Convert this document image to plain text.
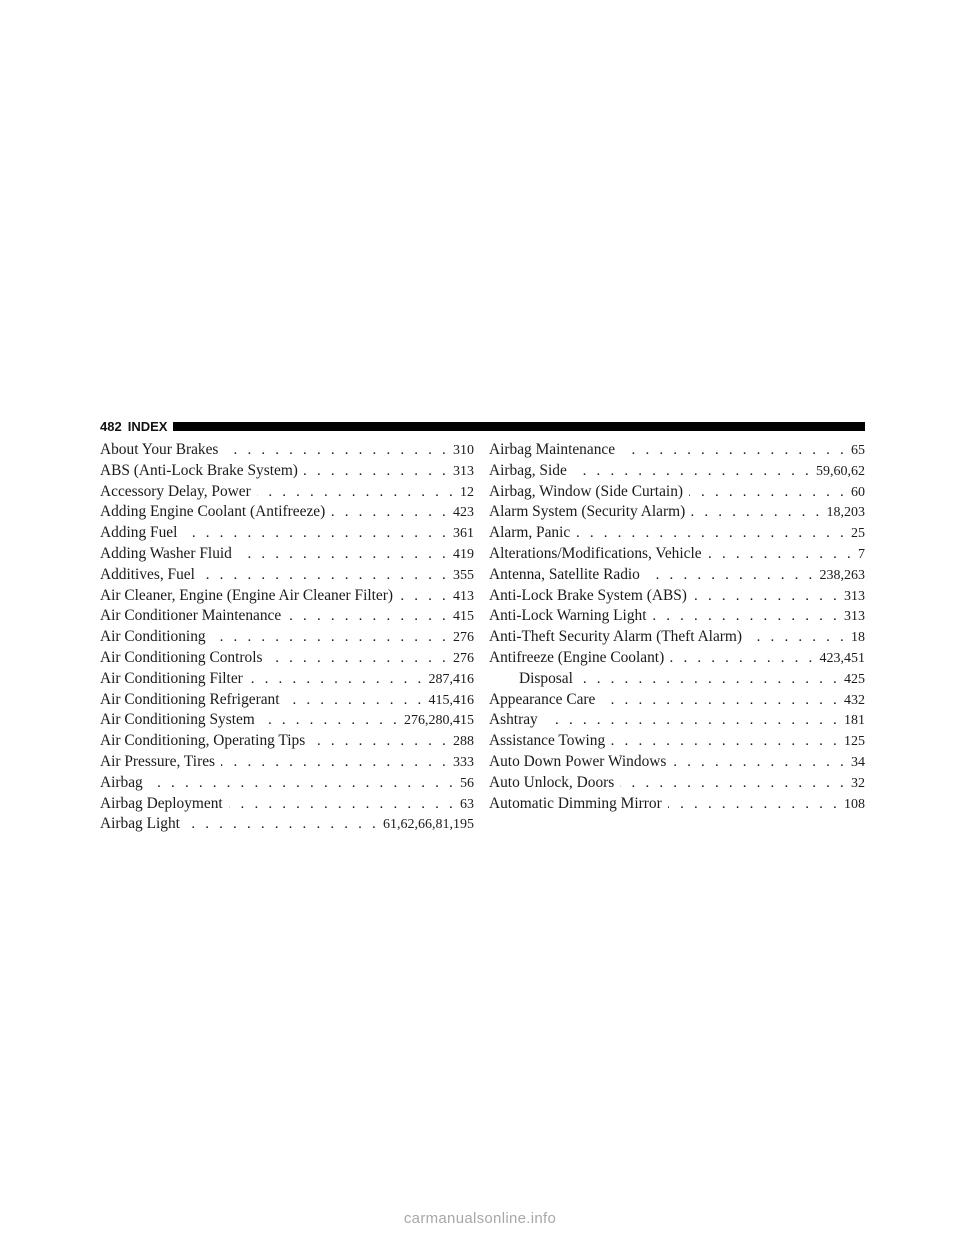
482 INDEX
About Your Brakes . . .	310
ABS (Anti-Lock Brake System) . . .	313
Accessory Delay, Power . . .	12
Adding Engine Coolant (Antifreeze) . . .	423
Adding Fuel . . .	361
Adding Washer Fluid . . .	419
Additives, Fuel . . .	355
Air Cleaner, Engine (Engine Air Cleaner Filter) . . .	413
Air Conditioner Maintenance . . .	415
Air Conditioning . . .	276
Air Conditioning Controls . . .	276
Air Conditioning Filter . . .	287,416
Air Conditioning Refrigerant . . .	415,416
Air Conditioning System . . .	276,280,415
Air Conditioning, Operating Tips . . .	288
Air Pressure, Tires . . .	333
Airbag . . .	56
Airbag Deployment . . .	63
Airbag Light . . .	61,62,66,81,195
Airbag Maintenance . . .	65
Airbag, Side . . .	59,60,62
Airbag, Window (Side Curtain) . . .	60
Alarm System (Security Alarm) . . .	18,203
Alarm, Panic . . .	25
Alterations/Modifications, Vehicle . . .	7
Antenna, Satellite Radio . . .	238,263
Anti-Lock Brake System (ABS) . . .	313
Anti-Lock Warning Light . . .	313
Anti-Theft Security Alarm (Theft Alarm) . . .	18
Antifreeze (Engine Coolant) . . .	423,451
Disposal . . .	425
Appearance Care . . .	432
Ashtray . . .	181
Assistance Towing . . .	125
Auto Down Power Windows . . .	34
Auto Unlock, Doors . . .	32
Automatic Dimming Mirror . . .	108
carmanualsonline.info
